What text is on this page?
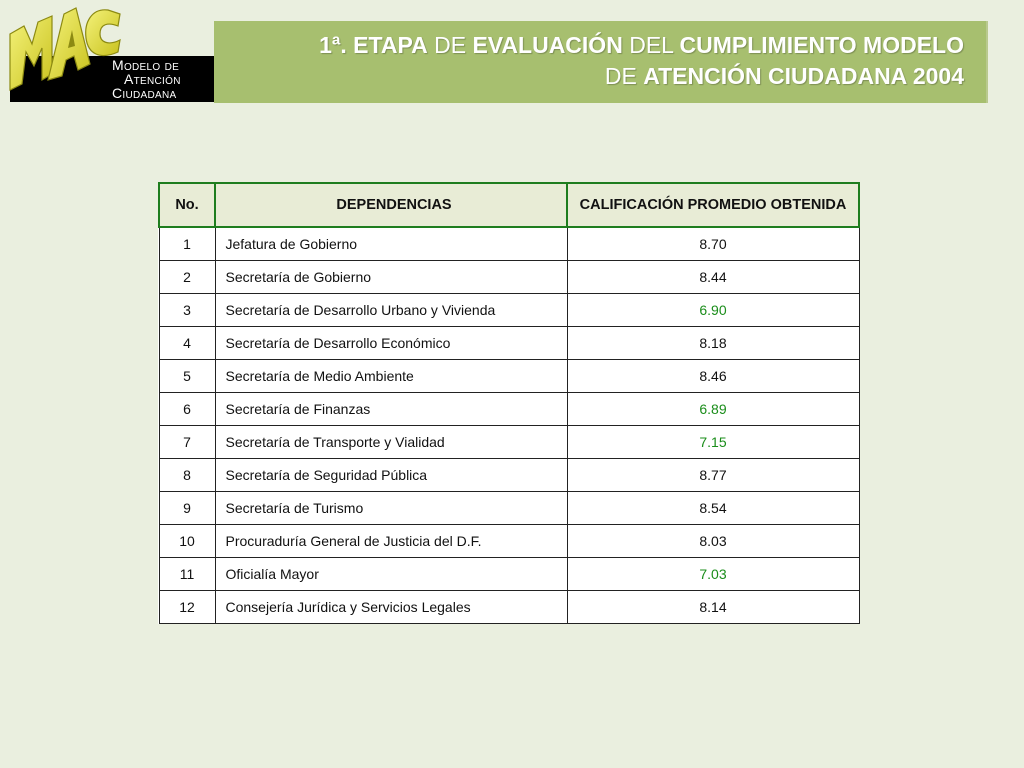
Modelo de
Atención
Ciudadana
1ª. ETAPA DE EVALUACIÓN DEL CUMPLIMIENTO MODELO
DE ATENCIÓN CIUDADANA 2004
No.	DEPENDENCIAS	CALIFICACIÓN PROMEDIO OBTENIDA
1	Jefatura de Gobierno	8.70
2	Secretaría de Gobierno	8.44
3	Secretaría de Desarrollo Urbano y Vivienda	6.90
4	Secretaría de Desarrollo Económico	8.18
5	Secretaría de Medio Ambiente	8.46
6	Secretaría de Finanzas	6.89
7	Secretaría de Transporte y Vialidad	7.15
8	Secretaría de Seguridad Pública	8.77
9	Secretaría de Turismo	8.54
10	Procuraduría General de Justicia del D.F.	8.03
11	Oficialía Mayor	7.03
12	Consejería Jurídica y Servicios Legales	8.14
